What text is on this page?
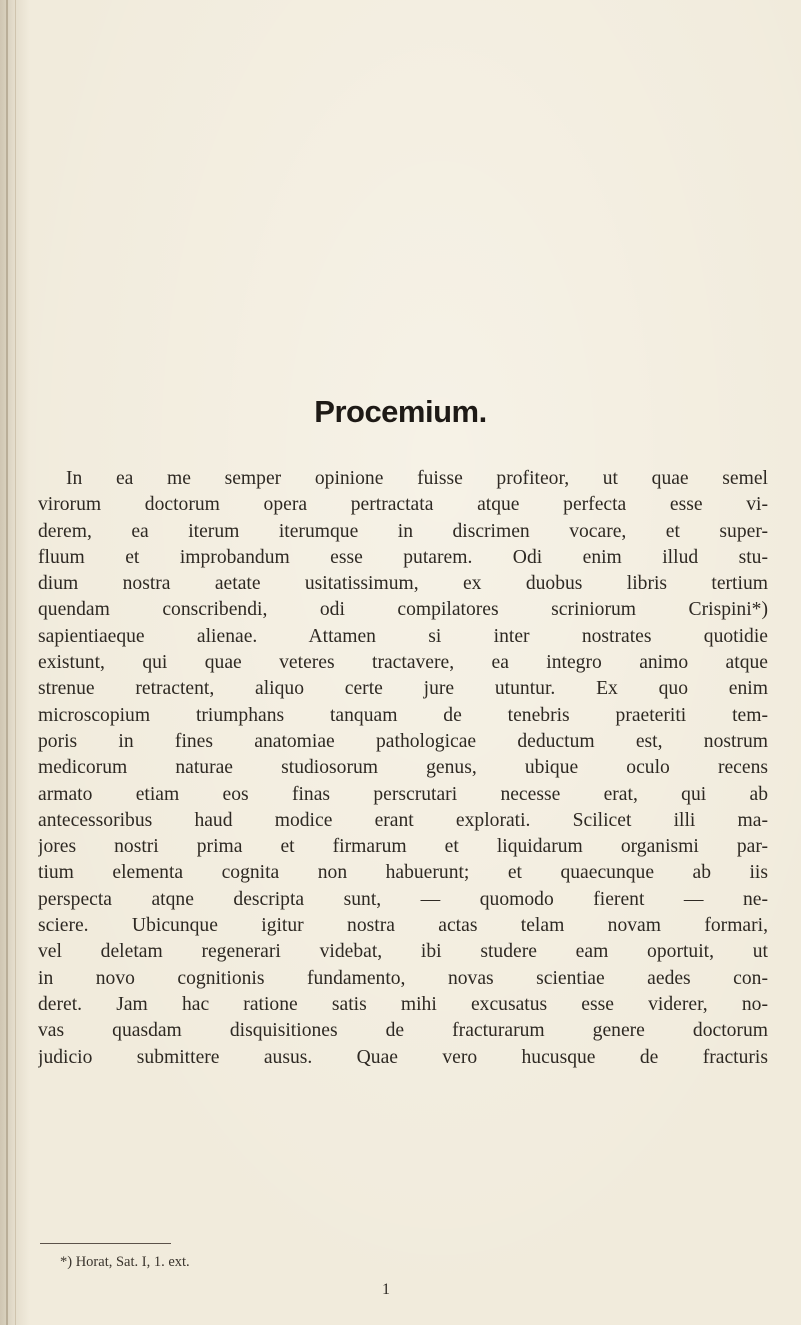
Procemium.
In ea me semper opinione fuisse profiteor, ut quae semel
virorum doctorum opera pertractata atque perfecta esse vi-
derem, ea iterum iterumque in discrimen vocare, et super-
fluum et improbandum esse putarem. Odi enim illud stu-
dium nostra aetate usitatissimum, ex duobus libris tertium
quendam conscribendi, odi compilatores scriniorum Crispini*)
sapientiaeque alienae. Attamen si inter nostrates quotidie
existunt, qui quae veteres tractavere, ea integro animo atque
strenue retractent, aliquo certe jure utuntur. Ex quo enim
microscopium triumphans tanquam de tenebris praeteriti tem-
poris in fines anatomiae pathologicae deductum est, nostrum
medicorum naturae studiosorum genus, ubique oculo recens
armato etiam eos finas perscrutari necesse erat, qui ab
antecessoribus haud modice erant explorati. Scilicet illi ma-
jores nostri prima et firmarum et liquidarum organismi par-
tium elementa cognita non habuerunt; et quaecunque ab iis
perspecta atqne descripta sunt, — quomodo fierent — ne-
sciere. Ubicunque igitur nostra actas telam novam formari,
vel deletam regenerari videbat, ibi studere eam oportuit, ut
in novo cognitionis fundamento, novas scientiae aedes con-
deret. Jam hac ratione satis mihi excusatus esse viderer, no-
vas quasdam disquisitiones de fracturarum genere doctorum
judicio submittere ausus. Quae vero hucusque de fracturis
*) Horat, Sat. I, 1. ext.
1
